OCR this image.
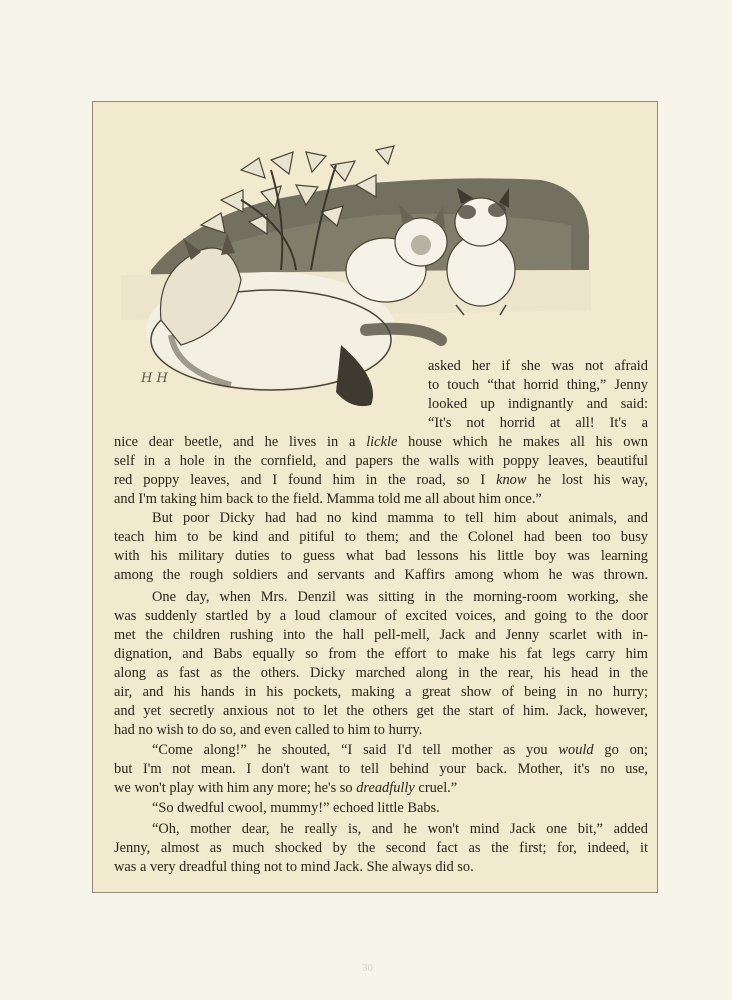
H H
asked her if she was not afraid
to touch “that horrid thing,” Jenny
looked up indignantly and said:
“It's not horrid at all! It's a
nice dear beetle, and he lives in a lickle house which he makes all his own
self in a hole in the cornfield, and papers the walls with poppy leaves, beautiful
red poppy leaves, and I found him in the road, so I know he lost his way,
and I'm taking him back to the field. Mamma told me all about him once.”
But poor Dicky had had no kind mamma to tell him about animals, and
teach him to be kind and pitiful to them; and the Colonel had been too busy
with his military duties to guess what bad lessons his little boy was learning
among the rough soldiers and servants and Kaffirs among whom he was thrown.
One day, when Mrs. Denzil was sitting in the morning-room working, she
was suddenly startled by a loud clamour of excited voices, and going to the door
met the children rushing into the hall pell-mell, Jack and Jenny scarlet with in-
dignation, and Babs equally so from the effort to make his fat legs carry him
along as fast as the others. Dicky marched along in the rear, his head in the
air, and his hands in his pockets, making a great show of being in no hurry;
and yet secretly anxious not to let the others get the start of him. Jack, however,
had no wish to do so, and even called to him to hurry.
“Come along!” he shouted, “I said I'd tell mother as you would go on;
but I'm not mean. I don't want to tell behind your back. Mother, it's no use,
we won't play with him any more; he's so dreadfully cruel.”
“So dwedful cwool, mummy!” echoed little Babs.
“Oh, mother dear, he really is, and he won't mind Jack one bit,” added
Jenny, almost as much shocked by the second fact as the first; for, indeed, it
was a very dreadful thing not to mind Jack. She always did so.
30
